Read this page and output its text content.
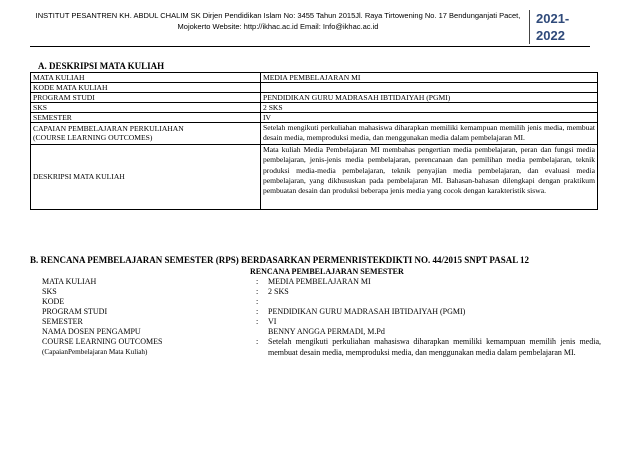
INSTITUT PESANTREN KH. ABDUL CHALIM SK Dirjen Pendidikan Islam No: 3455 Tahun 2015Jl. Raya Tirtowening No. 17 Bendunganjati Pacet,
Mojokerto Website: http://ikhac.ac.id Email: Info@ikhac.ac.id
2021-
2022
A. DESKRIPSI MATA KULIAH
MATA KULIAH	MEDIA PEMBELAJARAN MI
KODE MATA KULIAH	
PROGRAM STUDI	PENDIDIKAN GURU MADRASAH IBTIDAIYAH (PGMI)
SKS	2 SKS
SEMESTER	IV

CAPAIAN PEMBELAJARAN PERKULIAHAN
(COURSE LEARNING OUTCOMES)	Setelah mengikuti perkuliahan mahasiswa diharapkan memiliki kemampuan memilih jenis media, membuat desain media, memproduksi media, dan menggunakan media dalam pembelajaran MI.
DESKRIPSI MATA KULIAH	Mata kuliah Media Pembelajaran MI membahas pengertian media pembelajaran, peran dan fungsi media pembelajaran, jenis-jenis media pembelajaran, perencanaan dan pemilihan media pembelajaran, teknik produksi media-media pembelajaran, teknik penyajian media pembelajaran, dan evaluasi media pembelajaran, yang dikhususkan pada pembelajaran MI. Bahasan-bahasan dilengkapi dengan praktikum pembuatan desain dan produksi beberapa jenis media yang cocok dengan karakteristik siswa.
B. RENCANA PEMBELAJARAN SEMESTER (RPS) BERDASARKAN PERMENRISTEKDIKTI NO. 44/2015 SNPT PASAL 12
RENCANA PEMBELAJARAN SEMESTER
MATA KULIAH	: MEDIA PEMBELAJARAN MI
SKS	: 2 SKS
KODE	:
PROGRAM STUDI	: PENDIDIKAN GURU MADRASAH IBTIDAIYAH (PGMI)
SEMESTER	: VI
NAMA DOSEN PENGAMPU	BENNY ANGGA PERMADI, M.Pd
COURSE LEARNING OUTCOMES
(CapaianPembelajaran Mata Kuliah)
: Setelah mengikuti perkuliahan mahasiswa diharapkan memiliki kemampuan memilih jenis media, membuat desain media, memproduksi media, dan menggunakan media dalam pembelajaran MI.
